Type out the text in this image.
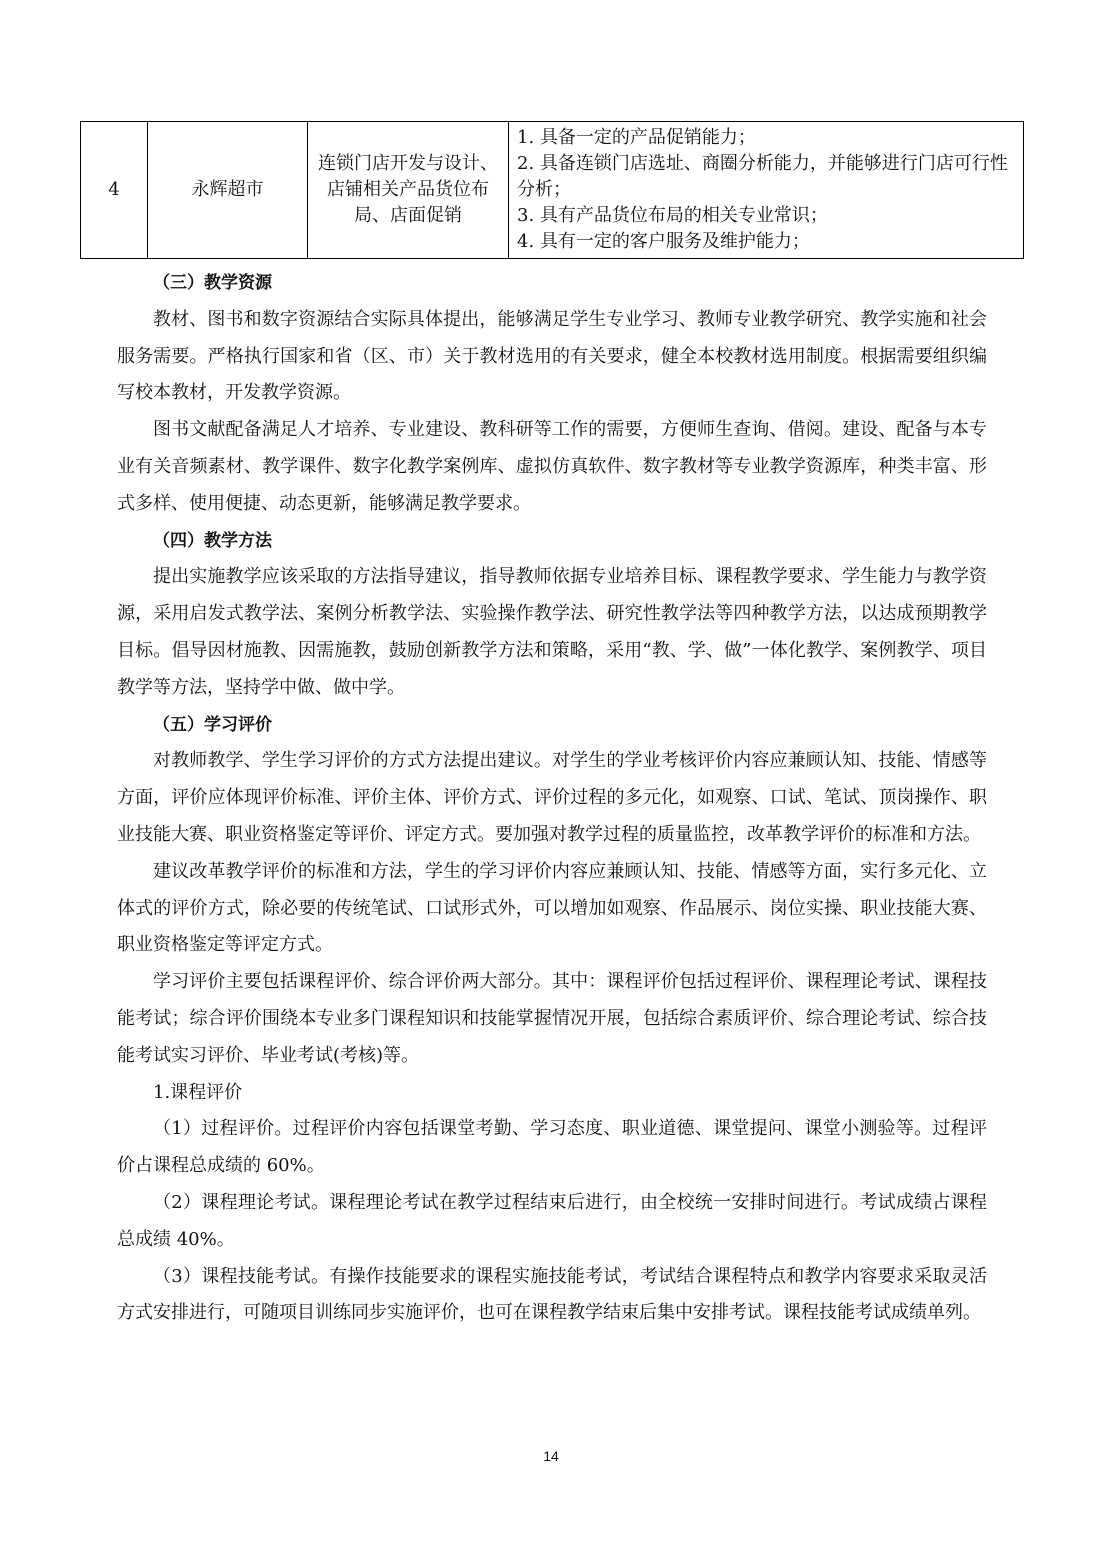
4	永辉超市	连锁门店开发与设计、店铺相关产品货位布局、店面促销	
1. 具备一定的产品促销能力；
2. 具备连锁门店选址、商圈分析能力，并能够进行门店可行性分析；
3. 具有产品货位布局的相关专业常识；
4. 具有一定的客户服务及维护能力；

（三）教学资源

教材、图书和数字资源结合实际具体提出，能够满足学生专业学习、教师专业教学研究、教学实施和社会服务需要。严格执行国家和省（区、市）关于教材选用的有关要求，健全本校教材选用制度。根据需要组织编写校本教材，开发教学资源。

图书文献配备满足人才培养、专业建设、教科研等工作的需要，方便师生查询、借阅。建设、配备与本专业有关音频素材、教学课件、数字化教学案例库、虚拟仿真软件、数字教材等专业教学资源库，种类丰富、形式多样、使用便捷、动态更新，能够满足教学要求。

（四）教学方法

提出实施教学应该采取的方法指导建议，指导教师依据专业培养目标、课程教学要求、学生能力与教学资源，采用启发式教学法、案例分析教学法、实验操作教学法、研究性教学法等四种教学方法，以达成预期教学目标。倡导因材施教、因需施教，鼓励创新教学方法和策略，采用“教、学、做”一体化教学、案例教学、项目教学等方法，坚持学中做、做中学。

（五）学习评价

对教师教学、学生学习评价的方式方法提出建议。对学生的学业考核评价内容应兼顾认知、技能、情感等方面，评价应体现评价标准、评价主体、评价方式、评价过程的多元化，如观察、口试、笔试、顶岗操作、职业技能大赛、职业资格鉴定等评价、评定方式。要加强对教学过程的质量监控，改革教学评价的标准和方法。

建议改革教学评价的标准和方法，学生的学习评价内容应兼顾认知、技能、情感等方面，实行多元化、立体式的评价方式，除必要的传统笔试、口试形式外，可以增加如观察、作品展示、岗位实操、职业技能大赛、职业资格鉴定等评定方式。

学习评价主要包括课程评价、综合评价两大部分。其中：课程评价包括过程评价、课程理论考试、课程技能考试；综合评价围绕本专业多门课程知识和技能掌握情况开展，包括综合素质评价、综合理论考试、综合技能考试实习评价、毕业考试(考核)等。

1.课程评价

（1）过程评价。过程评价内容包括课堂考勤、学习态度、职业道德、课堂提问、课堂小测验等。过程评价占课程总成绩的 60%。

（2）课程理论考试。课程理论考试在教学过程结束后进行，由全校统一安排时间进行。考试成绩占课程总成绩 40%。

（3）课程技能考试。有操作技能要求的课程实施技能考试，考试结合课程特点和教学内容要求采取灵活方式安排进行，可随项目训练同步实施评价，也可在课程教学结束后集中安排考试。课程技能考试成绩单列。

14
